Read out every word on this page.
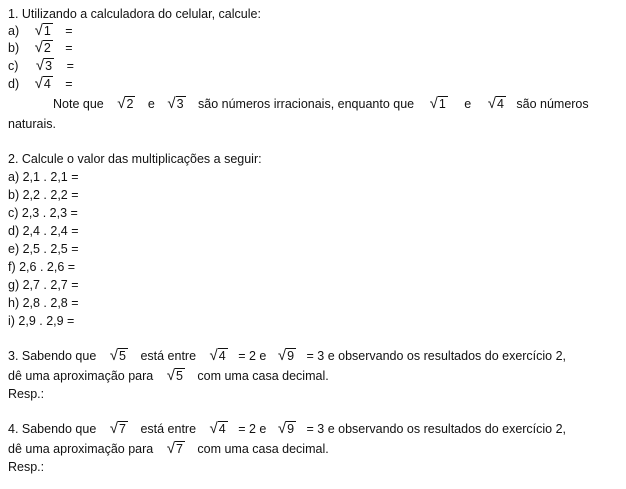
1. Utilizando a calculadora do celular, calcule:
a) √1 =
b) √2 =
c) √3 =
d) √4 =
Note que √2 e √3 são números irracionais, enquanto que √1 e √4 são números
naturais.
2. Calcule o valor das multiplicações a seguir:
a) 2,1 . 2,1 =
b) 2,2 . 2,2 =
c) 2,3 . 2,3 =
d) 2,4 . 2,4 =
e) 2,5 . 2,5 =
f) 2,6 . 2,6 =
g) 2,7 . 2,7 =
h) 2,8 . 2,8 =
i) 2,9 . 2,9 =
3. Sabendo que √5 está entre √4 = 2 e √9 = 3 e observando os resultados do exercício 2,
dê uma aproximação para √5 com uma casa decimal.
Resp.:
4. Sabendo que √7 está entre √4 = 2 e √9 = 3 e observando os resultados do exercício 2,
dê uma aproximação para √7 com uma casa decimal.
Resp.:
